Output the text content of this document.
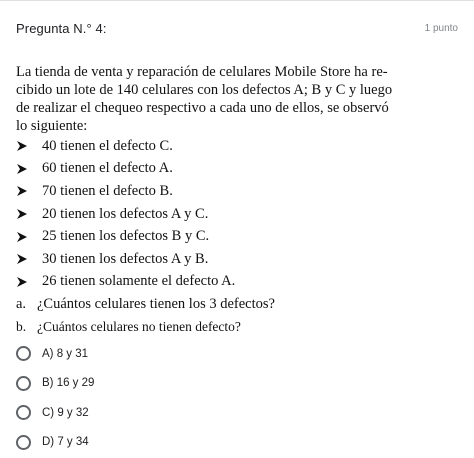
Pregunta N.° 4:	1 punto
La tienda de venta y reparación de celulares Mobile Store ha re-
cibido un lote de 140 celulares con los defectos A; B y C y luego
de realizar el chequeo respectivo a cada uno de ellos, se observó
lo siguiente:
40 tienen el defecto C.
60 tienen el defecto A.
70 tienen el defecto B.
20 tienen los defectos A y C.
25 tienen los defectos B y C.
30 tienen los defectos A y B.
26 tienen solamente el defecto A.
a. ¿Cuántos celulares tienen los 3 defectos?
b. ¿Cuántos celulares no tienen defecto?
A) 8 y 31
B) 16 y 29
C) 9 y 32
D) 7 y 34
